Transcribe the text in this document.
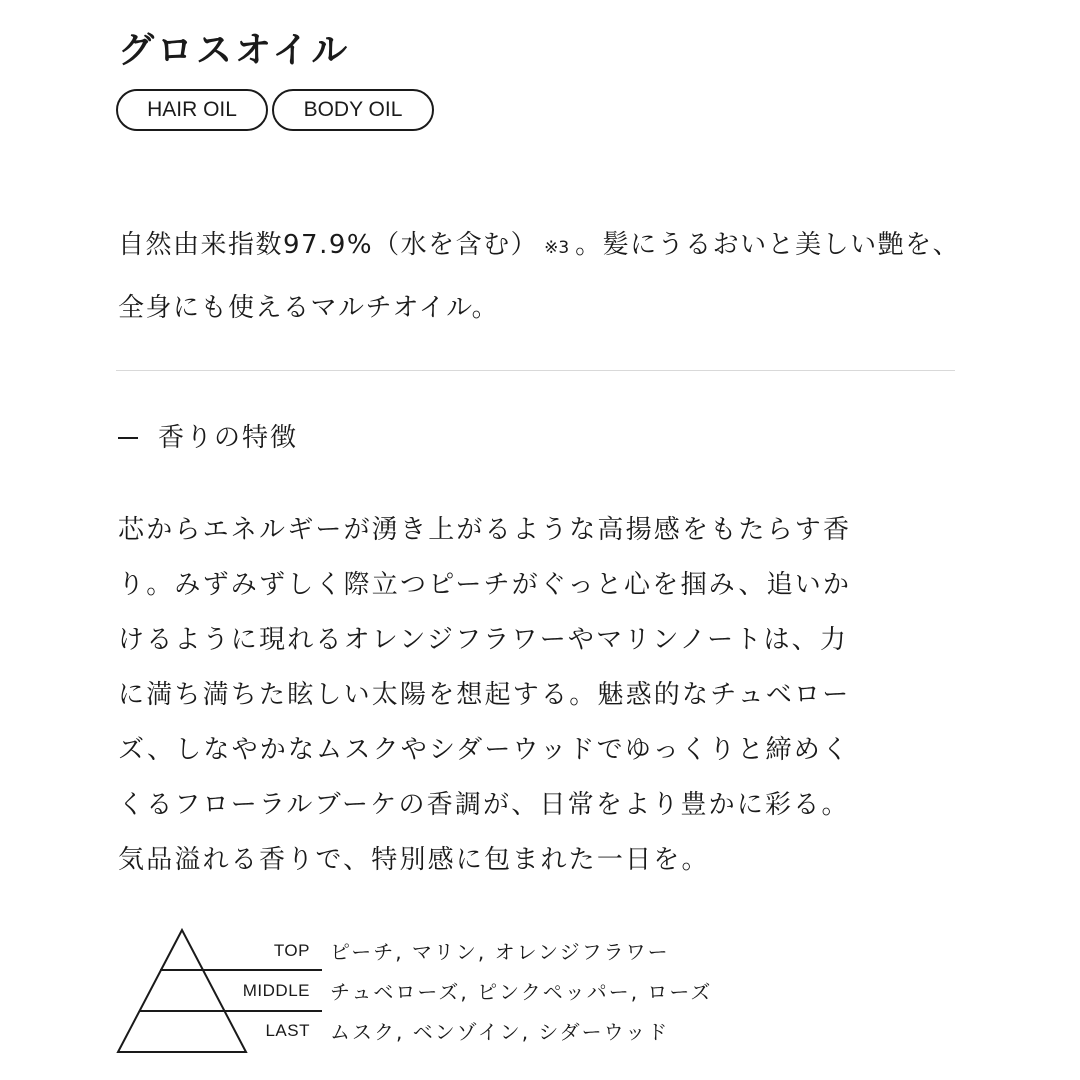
グロスオイル
HAIR OIL	BODY OIL

自然由来指数97.9%（水を含む） ※3 。髪にうるおいと美しい艶を、全身にも使えるマルチオイル。

香りの特徴
芯からエネルギーが湧き上がるような高揚感をもたらす香
り。みずみずしく際立つピーチがぐっと心を掴み、追いか
けるように現れるオレンジフラワーやマリンノートは、力
に満ち満ちた眩しい太陽を想起する。魅惑的なチュベロー
ズ、しなやかなムスクやシダーウッドでゆっくりと締めく
くるフローラルブーケの香調が、日常をより豊かに彩る。
気品溢れる香りで、特別感に包まれた一日を。
TOP ピーチ, マリン, オレンジフラワー
MIDDLE チュベローズ, ピンクペッパー, ローズ
LAST ムスク, ベンゾイン, シダーウッド
